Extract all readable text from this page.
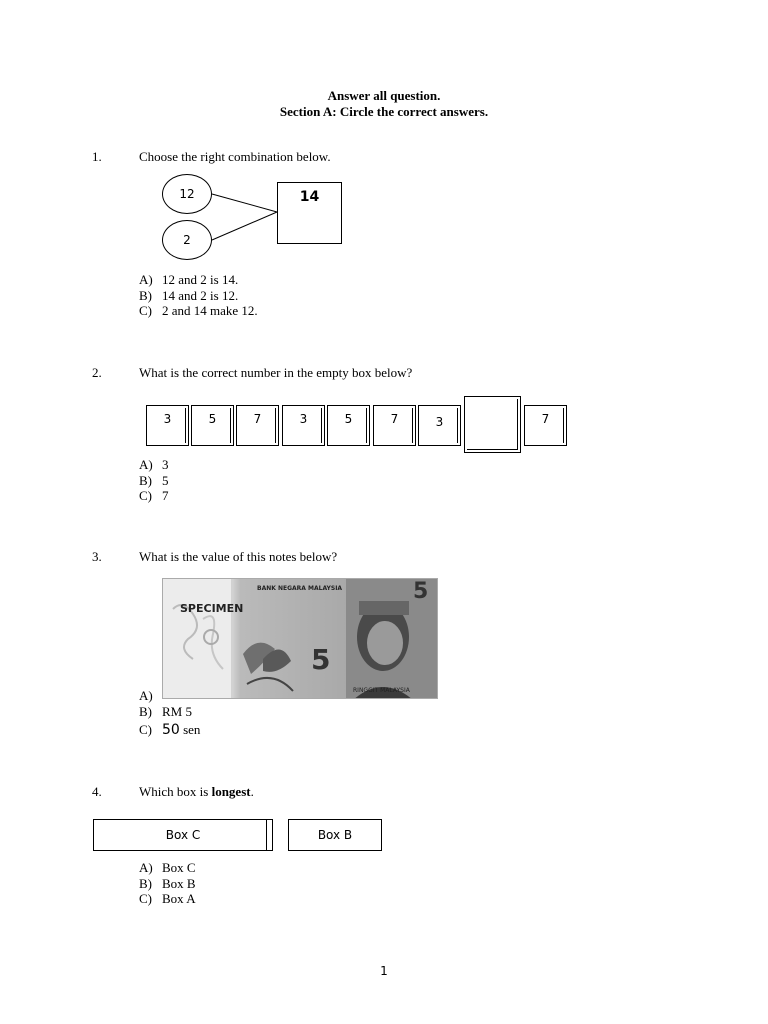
Answer all question.
Section A: Circle the correct answers.
1.	Choose the right combination below.
12
2
14
A) 12 and 2 is 14.
B) 14 and 2 is 12.
C) 2 and 14 make 12.
2.	What is the correct number in the empty box below?
3	5	7	3	5	7	3	7
A) 3
B) 5
C) 7
3.	What is the value of this notes below?
A)
B) RM 5
C) 50 sen
BANK NEGARA MALAYSIA
SPECIMEN
5
5
RINGGIT MALAYSIA
4.	Which box is longest.
Box C	Box B
A) Box C
B) Box B
C) Box A
1
